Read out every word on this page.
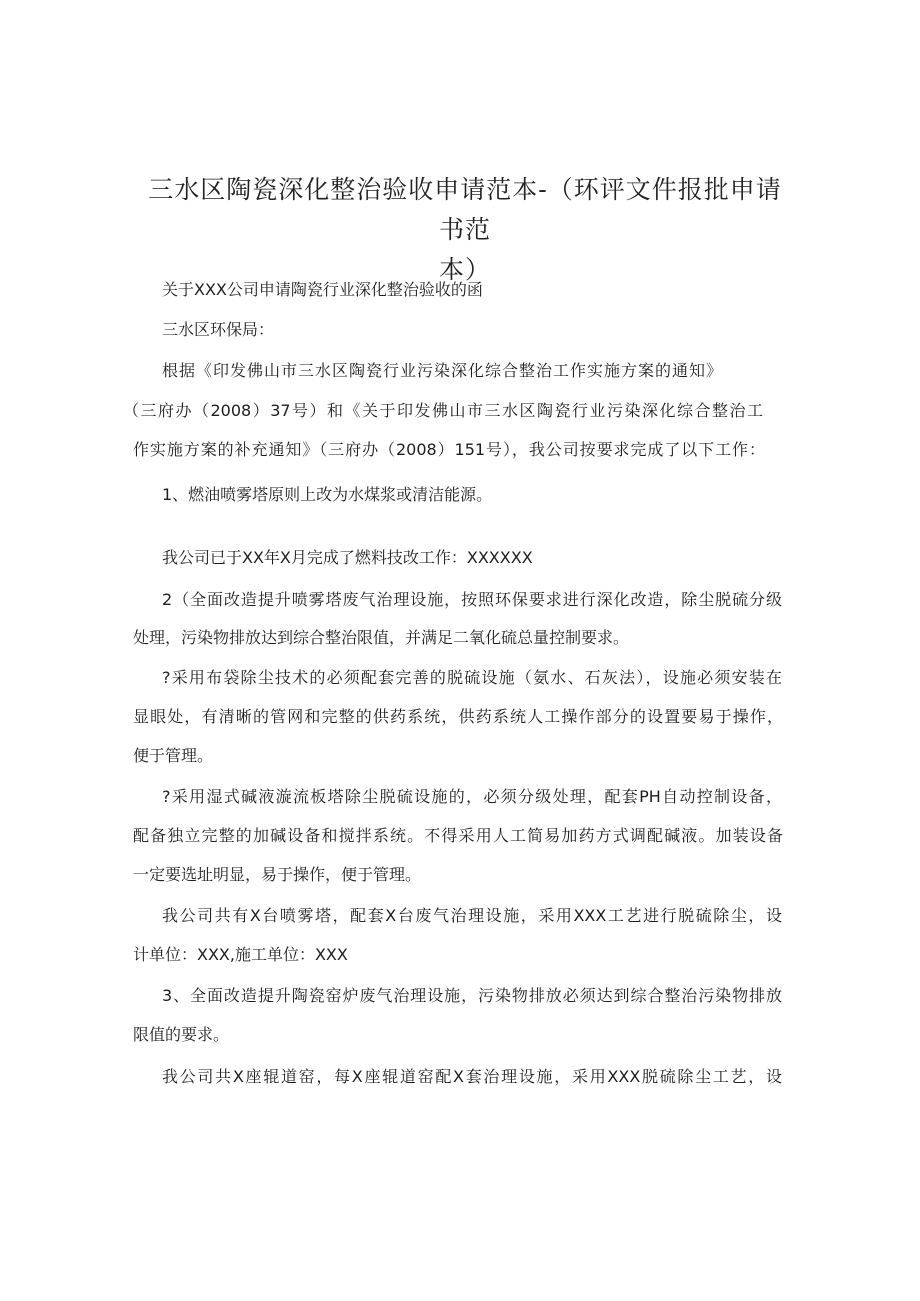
三水区陶瓷深化整治验收申请范本-（环评文件报批申请书范
本）
关于XXX公司申请陶瓷行业深化整治验收的函
三水区环保局：
根据《印发佛山市三水区陶瓷行业污染深化综合整治工作实施方案的通知》
（三府办（2008）37号）和《关于印发佛山市三水区陶瓷行业污染深化综合整治工
作实施方案的补充通知》（三府办（2008）151号），我公司按要求完成了以下工作：
1、燃油喷雾塔原则上改为水煤浆或清洁能源。
我公司已于XX年X月完成了燃料技改工作：XXXXXX
2（全面改造提升喷雾塔废气治理设施，按照环保要求进行深化改造，除尘脱硫分级
处理，污染物排放达到综合整治限值，并满足二氧化硫总量控制要求。
?采用布袋除尘技术的必须配套完善的脱硫设施（氨水、石灰法），设施必须安装在
显眼处，有清晰的管网和完整的供药系统，供药系统人工操作部分的设置要易于操作，
便于管理。
?采用湿式碱液漩流板塔除尘脱硫设施的，必须分级处理，配套PH自动控制设备，
配备独立完整的加碱设备和搅拌系统。不得采用人工简易加药方式调配碱液。加装设备
一定要选址明显，易于操作，便于管理。
我公司共有X台喷雾塔，配套X台废气治理设施，采用XXX工艺进行脱硫除尘，设
计单位：XXX,施工单位：XXX
3、全面改造提升陶瓷窑炉废气治理设施，污染物排放必须达到综合整治污染物排放
限值的要求。
我公司共X座辊道窑，每X座辊道窑配X套治理设施，采用XXX脱硫除尘工艺，设
